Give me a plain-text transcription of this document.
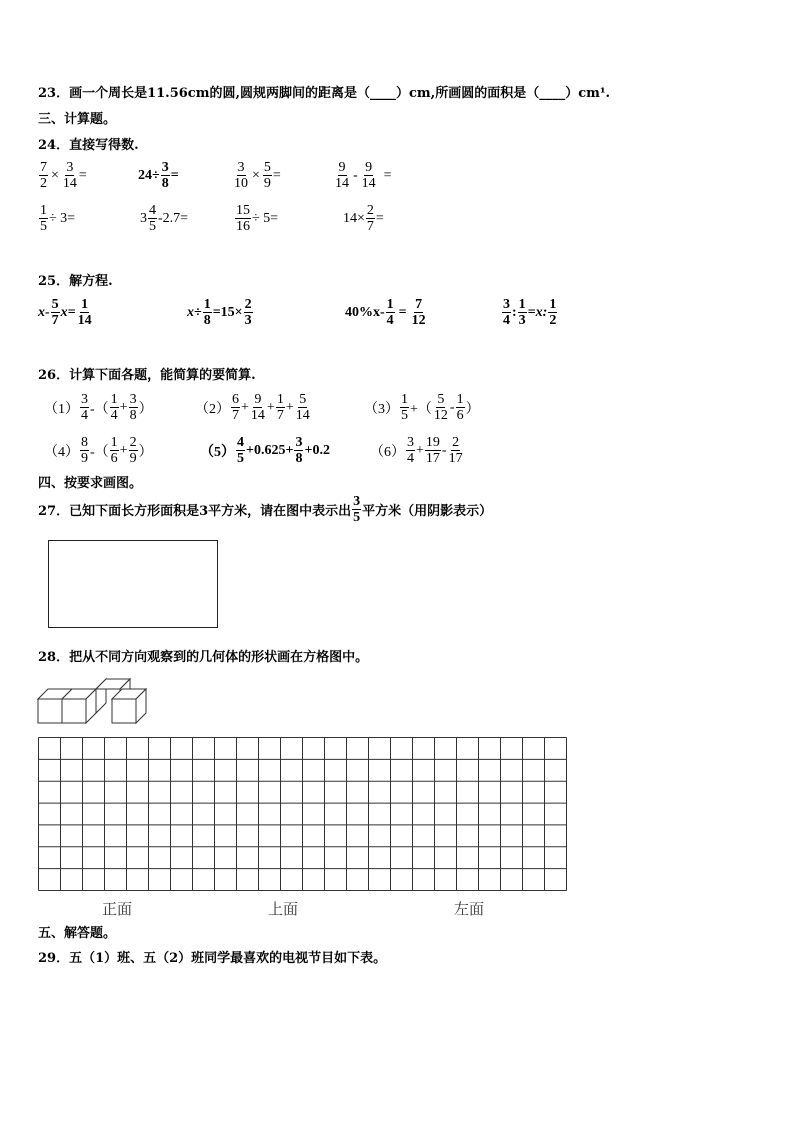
23．画一个周长是11.56cm的圆,圆规两脚间的距离是（____）cm,所画圆的面积是（____）cm¹.
三、计算题。
24．直接写得数.
$\frac{7}{2} \times \frac{3}{14}$ =	$24\div \frac{3}{8}$ =	$\frac{3}{10} \times \frac{5}{9}$ =	$\frac{9}{14} - \frac{9}{14}$ =
$\frac{1}{5} \div 3=$	$3 \frac{4}{5} -2.7=$	$\frac{15}{16} \div 5=$	$14\times \frac{2}{7}$ =
25．解方程.
$x- \frac{5}{7} x= \frac{1}{14}$	$x\div \frac{1}{8} =15\times \frac{2}{3}$	$40\%x- \frac{1}{4} = \frac{7}{12}$	$\frac{3}{4}$ : $\frac{1}{3} =x$: $\frac{1}{2}$
26．计算下面各题，能简算的要简算.
$(1) \frac{3}{4}$ -（ $\frac{1}{4} + \frac{3}{8}$ ）	$(2) \frac{6}{7} + \frac{9}{14} + \frac{1}{7} + \frac{5}{14}$	$(3) \frac{1}{5}$ +（ $\frac{5}{12} - \frac{1}{6}$ ）
$(4) \frac{8}{9}$ -（ $\frac{1}{6} + \frac{2}{9}$ ）	$(5) \frac{4}{5} +0.625+ \frac{3}{8} +0.2$	$(6) \frac{3}{4} + \frac{19}{17} - \frac{2}{17}$
四、按要求画图。
27．已知下面长方形面积是3平方米，请在图中表示出 $\frac{3}{5}$ 平方米（用阴影表示）
28．把从不同方向观察到的几何体的形状画在方格图中。
正面	上面	左面
五、解答题。
29．五（1）班、五（2）班同学最喜欢的电视节目如下表。
